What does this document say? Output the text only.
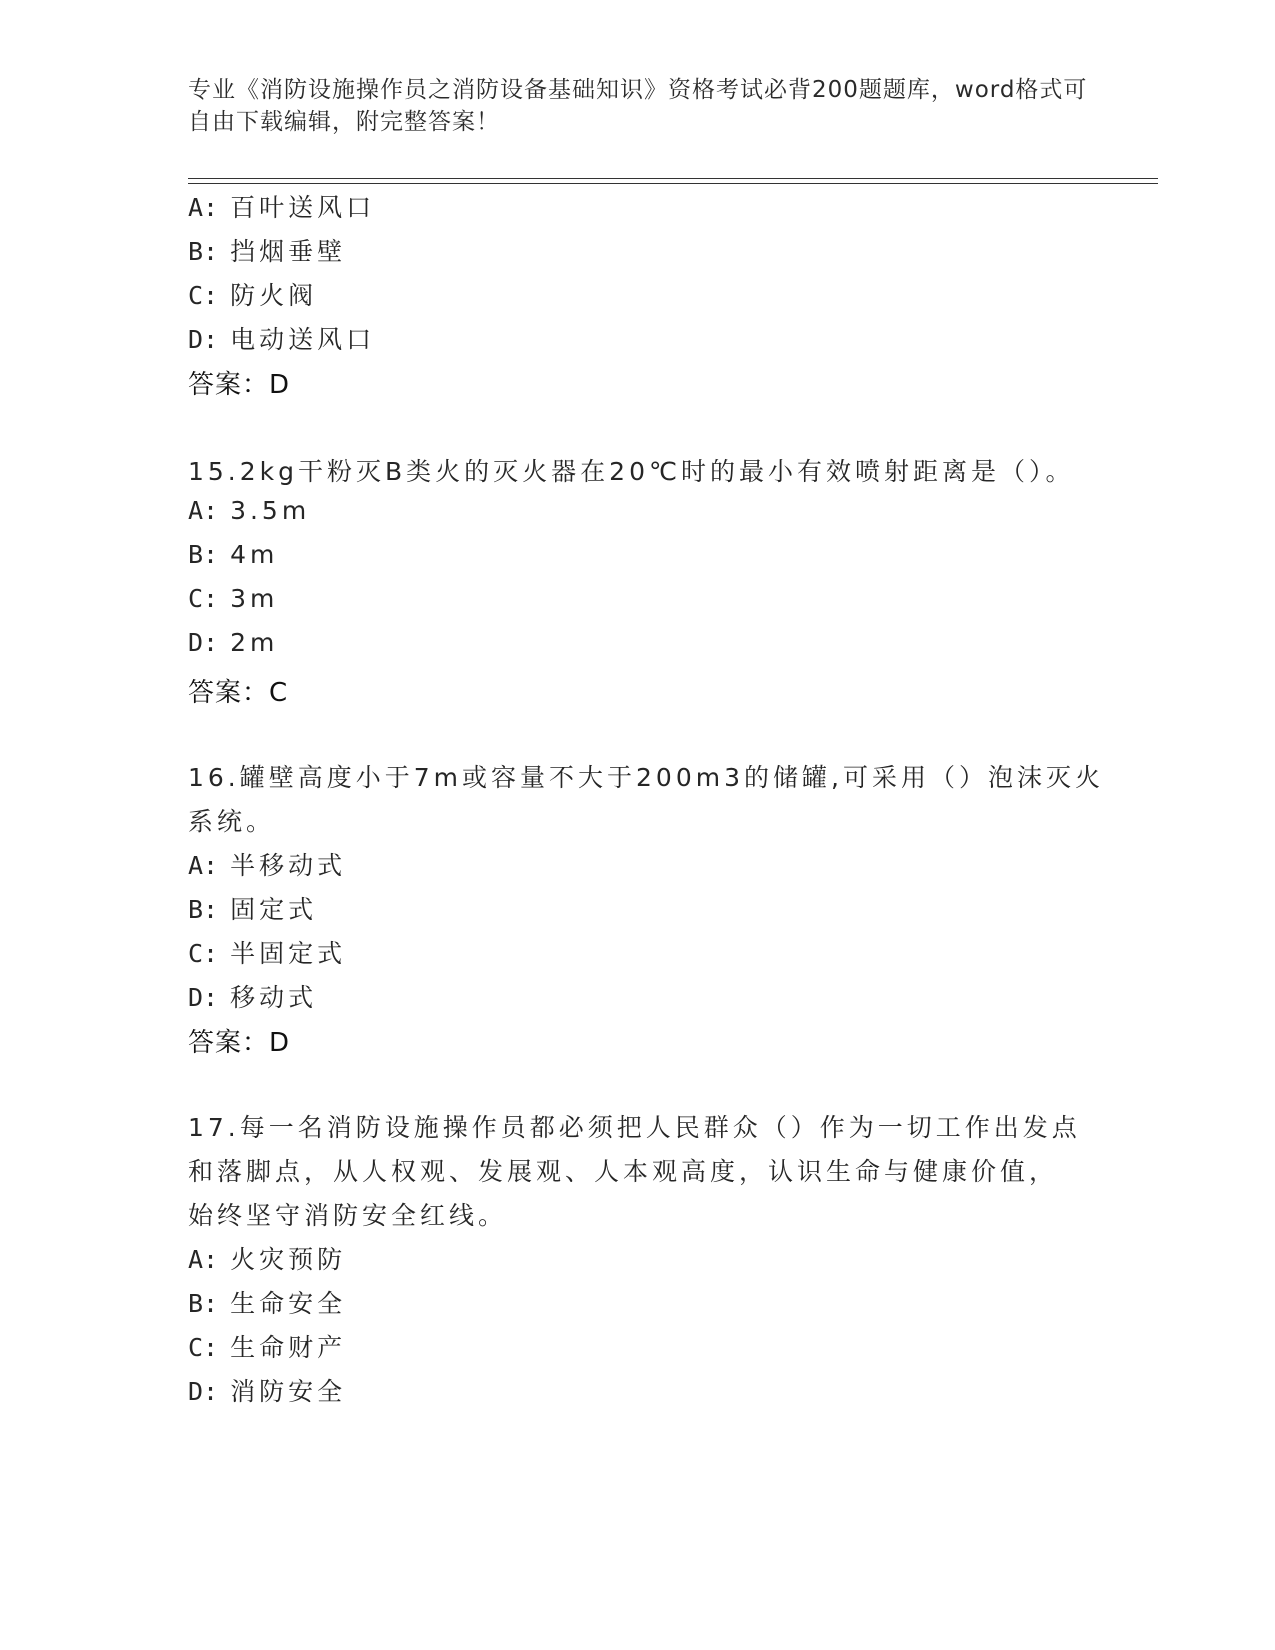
专业《消防设施操作员之消防设备基础知识》资格考试必背200题题库，word格式可自由下载编辑，附完整答案！
A: 百叶送风口
B: 挡烟垂壁
C: 防火阀
D: 电动送风口
答案：D
15.2kg干粉灭B类火的灭火器在20℃时的最小有效喷射距离是（）。
A: 3.5m
B: 4m
C: 3m
D: 2m
答案：C
16.罐壁高度小于7m或容量不大于200m3的储罐,可采用（）泡沫灭火
系统。
A: 半移动式
B: 固定式
C: 半固定式
D: 移动式
答案：D
17.每一名消防设施操作员都必须把人民群众（）作为一切工作出发点
和落脚点，从人权观、发展观、人本观高度，认识生命与健康价值，
始终坚守消防安全红线。
A: 火灾预防
B: 生命安全
C: 生命财产
D: 消防安全
